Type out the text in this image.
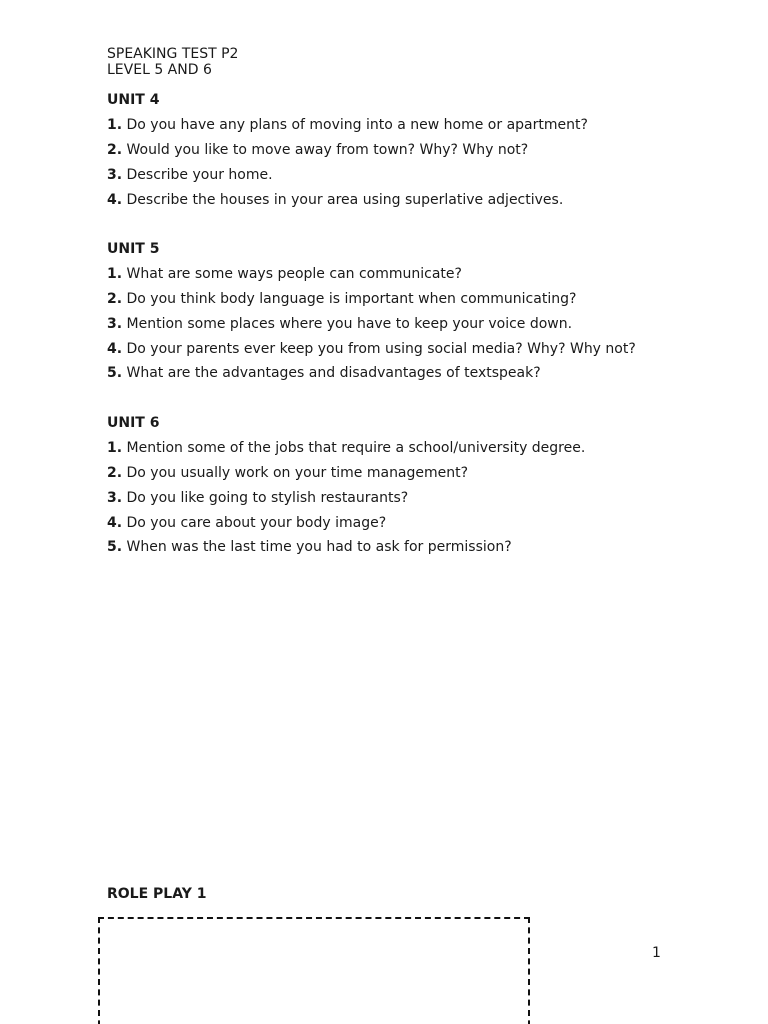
SPEAKING TEST P2
LEVEL 5 AND 6
UNIT 4
1. Do you have any plans of moving into a new home or apartment?
2. Would you like to move away from town? Why? Why not?
3. Describe your home.
4. Describe the houses in your area using superlative adjectives.
UNIT 5
1. What are some ways people can communicate?
2. Do you think body language is important when communicating?
3. Mention some places where you have to keep your voice down.
4. Do your parents ever keep you from using social media? Why? Why not?
5. What are the advantages and disadvantages of textspeak?
UNIT 6
1. Mention some of the jobs that require a school/university degree.
2. Do you usually work on your time management?
3. Do you like going to stylish restaurants?
4. Do you care about your body image?
5. When was the last time you had to ask for permission?
ROLE PLAY 1
1
